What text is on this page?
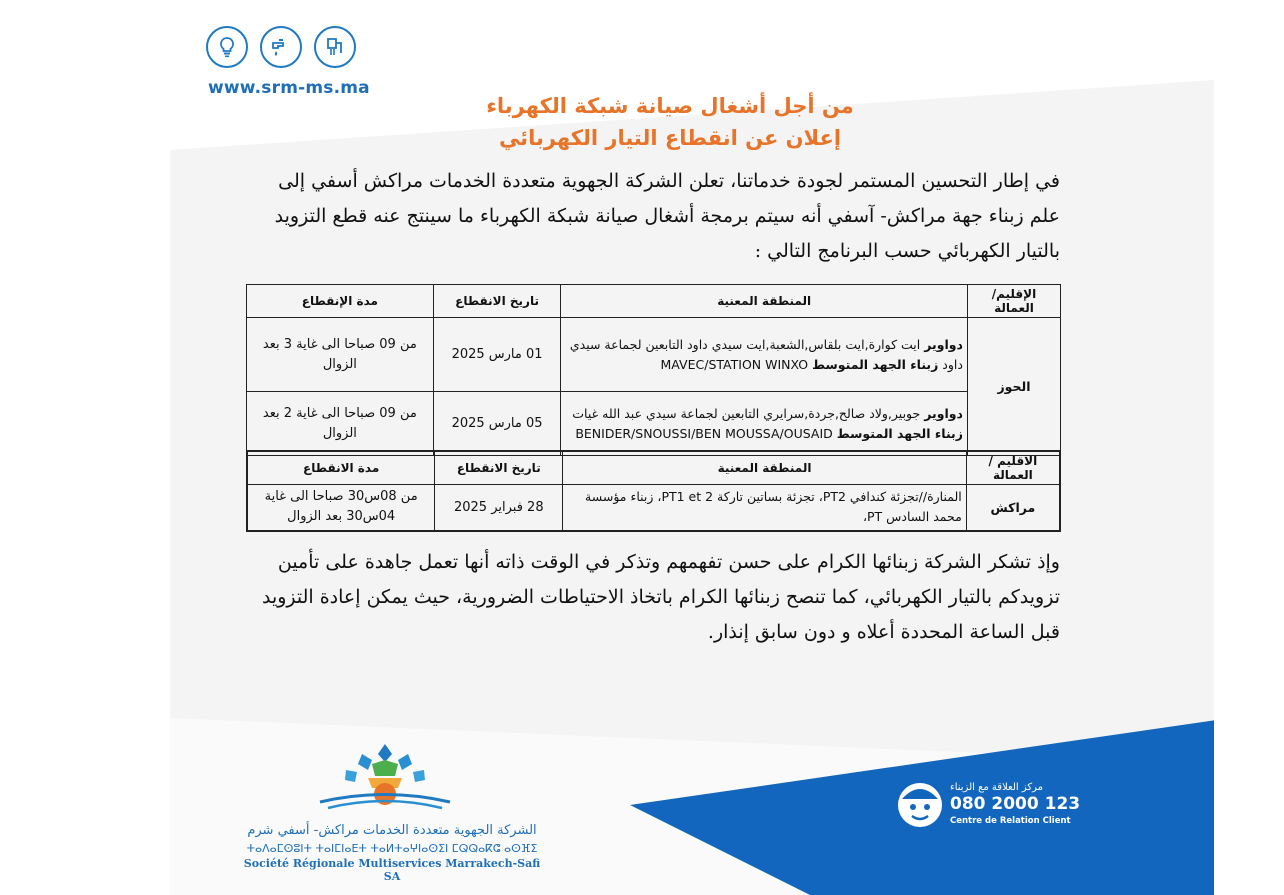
www.srm-ms.ma
من أجل أشغال صيانة شبكة الكهرباء
إعلان عن انقطاع التيار الكهربائي
في إطار التحسين المستمر لجودة خدماتنا، تعلن الشركة الجهوية متعددة الخدمات مراكش أسفي إلى علم زبناء جهة مراكش- آسفي أنه سيتم برمجة أشغال صيانة شبكة الكهرباء ما سينتج عنه قطع التزويد بالتيار الكهربائي حسب البرنامج التالي :
الإقليم/العمالة	المنطقة المعنية	تاريخ الانقطاع	مدة الإنقطاع
الحوز	دواوير ايت كوارة,ايت بلقاس,الشعبة,ايت سيدي داود التابعين لجماعة سيدي داود زبناء الجهد المتوسط MAVEC/STATION WINXO	01 مارس 2025	من 09 صباحا الى غاية 3 بعد الزوال
	دواوير جوبير,ولاد صالح,جردة,سرايري التابعين لجماعة سيدي عبد الله غيات زبناء الجهد المتوسط BENIDER/SNOUSSI/BEN MOUSSA/OUSAID	05 مارس 2025	من 09 صباحا الى غاية 2 بعد الزوال
الاقليم / العمالة	المنطقة المعنية	تاريخ الانقطاع	مدة الانقطاع
مراكش	المنارة//تجزئة كندافي PT2، تجزئة بساتين تاركة PT1 et 2، زبناء مؤسسة محمد السادس PT،	28 فبراير 2025	من 08س30 صباحا الى غاية 04س30 بعد الزوال
وإذ تشكر الشركة زبنائها الكرام على حسن تفهمهم وتذكر في الوقت ذاته أنها تعمل جاهدة على تأمين تزويدكم بالتيار الكهربائي، كما تنصح زبنائها الكرام باتخاذ الاحتياطات الضرورية، حيث يمكن إعادة التزويد قبل الساعة المحددة أعلاه و دون سابق إنذار.
الشركة الجهوية متعددة الخدمات مراكش- أسفي شرم
ⵜⴰⴷⴰⵎⵙⵓⵏⵜ ⵜⴰⵏⵎⵏⴰⴹⵜ ⵜⴰⵍⵜⴰⵖⵏⴰⵙⵉⵏ ⵎⵕⵕⴰⴽⵛ ⴰⵙⴼⵉ
Société Régionale Multiservices Marrakech-Safi SA
مركز العلاقة مع الزبناء
080 2000 123
Centre de Relation Client
